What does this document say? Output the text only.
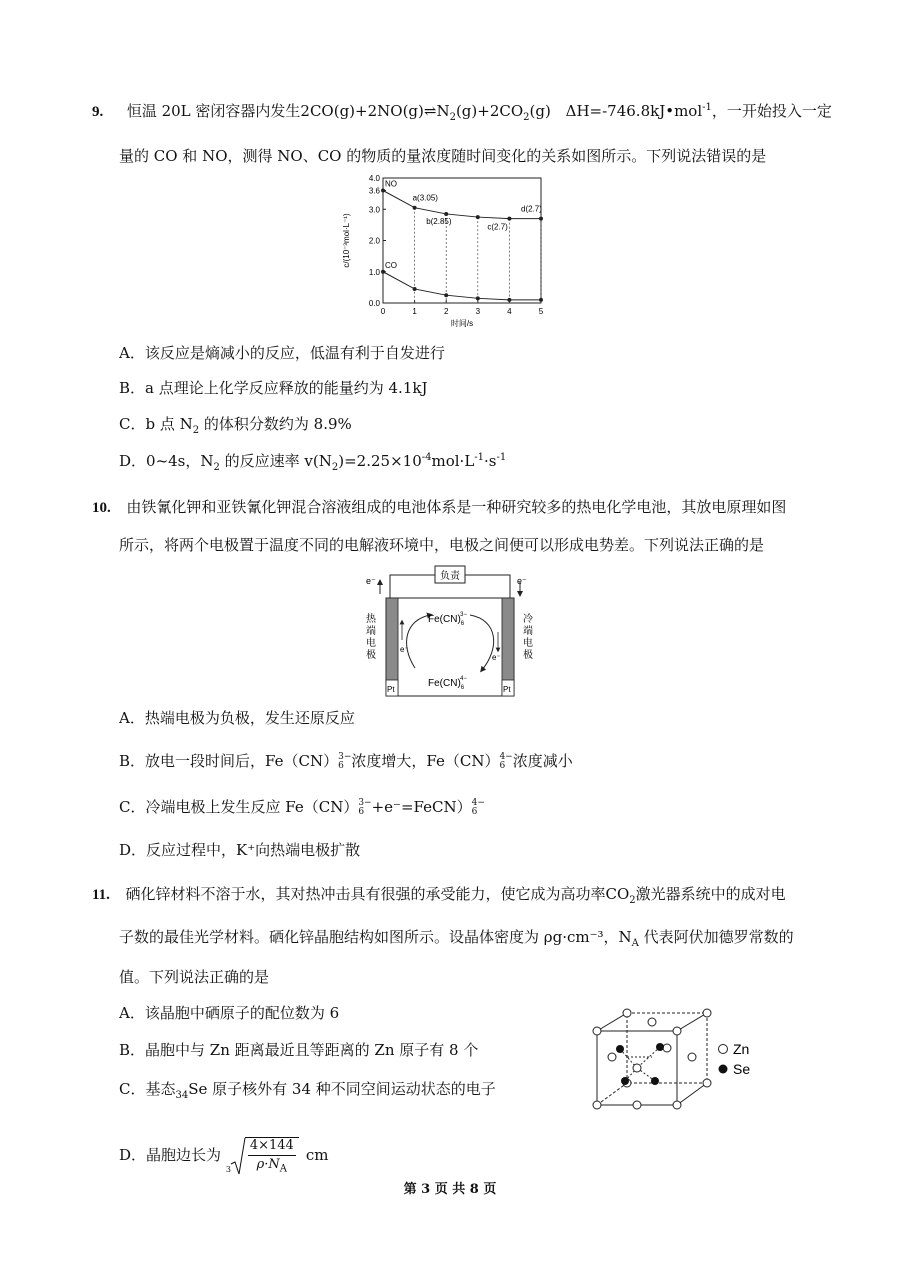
9. 恒温 20L 密闭容器内发生$2CO(g)+2NO(g)\rightleftharpoons N_2(g)+2CO_2(g)$ ΔH=-746.8kJ•mol$^{-1}$，一开始投入一定
量的 CO 和 NO，测得 NO、CO 的物质的量浓度随时间变化的关系如图所示。下列说法错误的是
0.0
1.0
2.0
3.0
3.6
4.0
0	1	2	3	4	5
NO
CO
a(3.05)
b(2.85)
c(2.7)
d(2.7)
c/(10⁻³mol·L⁻¹)
时间/s
A．该反应是熵减小的反应，低温有利于自发进行
B．a 点理论上化学反应释放的能量约为 4.1kJ
C．b 点 $N_2$ 的体积分数约为 8.9%
D．0~4s，$N_2$ 的反应速率 $v(N_2)=2.25\times 10^{-4}mol\cdot L^{-1}\cdot s^{-1}$
10. 由铁氰化钾和亚铁氰化钾混合溶液组成的电池体系是一种研究较多的热电化学电池，其放电原理如图
所示，将两个电极置于温度不同的电解液环境中，电极之间便可以形成电势差。下列说法正确的是
负责
e⁻	e⁻
Pt	Pt
热
端
电
极
冷
端
电
极
e⁻
e⁻
$Fe(CN)_63-$
$Fe(CN)_64-$
A．热端电极为负极，发生还原反应
B．放电一段时间后，Fe（CN） 3−
6 浓度增大，Fe（CN） 4−
6 浓度减小
C．冷端电极上发生反应 Fe（CN） 3−
6 +e⁻=FeCN） 4−
6
D．反应过程中，K⁺向热端电极扩散
11. 硒化锌材料不溶于水，其对热冲击具有很强的承受能力，使它成为高功率$CO_2$激光器系统中的成对电
子数的最佳光学材料。硒化锌晶胞结构如图所示。设晶体密度为 ρg·cm⁻³，$N_A$ 代表阿伏加德罗常数的
值。下列说法正确的是
A．该晶胞中硒原子的配位数为 6
B．晶胞中与 Zn 距离最近且等距离的 Zn 原子有 8 个
C．基态$_{34}$Se 原子核外有 34 种不同空间运动状态的电子
D．晶胞边长为
3
4×144
$\rho\cdot N_A$
cm
Zn
Se
第 3 页 共 8 页
